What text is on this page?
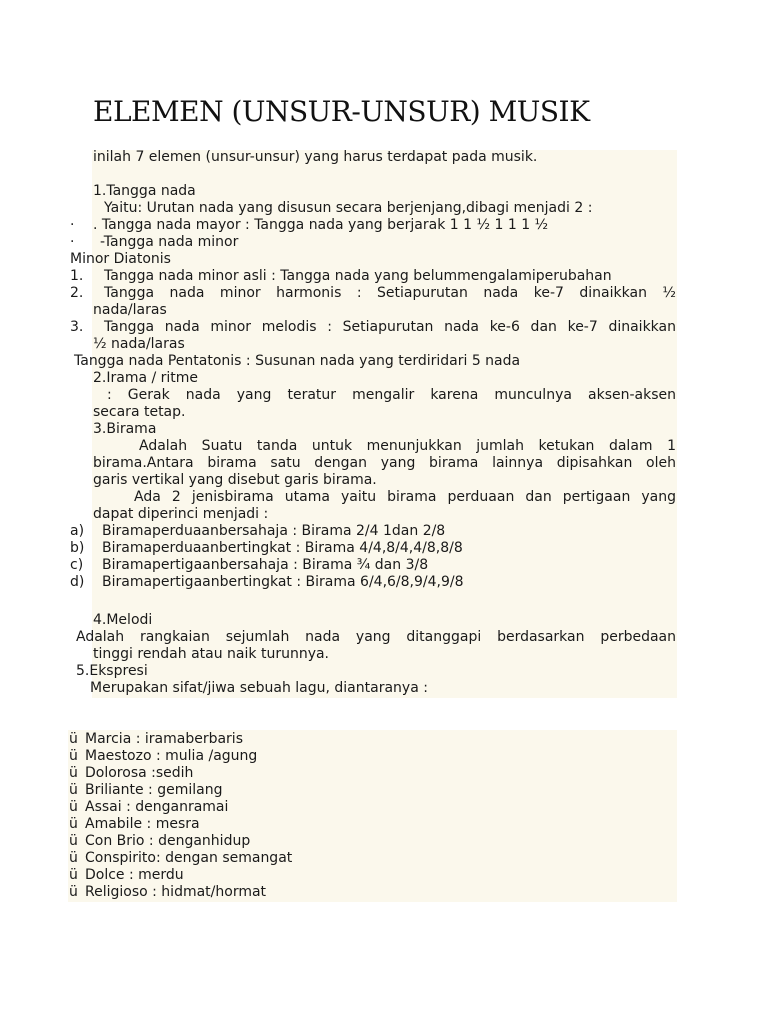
ELEMEN (UNSUR-UNSUR) MUSIK
inilah 7 elemen (unsur-unsur) yang harus terdapat pada musik.
1.Tangga nada
Yaitu: Urutan nada yang disusun secara berjenjang,dibagi menjadi 2 :
· . Tangga nada mayor : Tangga nada yang berjarak 1 1 ½ 1 1 1 ½
· -Tangga nada minor
Minor Diatonis
1. Tangga nada minor asli : Tangga nada yang belummengalamiperubahan
2. Tangga nada minor harmonis : Setiapurutan nada ke-7 dinaikkan ½
nada/laras
3. Tangga nada minor melodis : Setiapurutan nada ke-6 dan ke-7 dinaikkan
½ nada/laras
Tangga nada Pentatonis : Susunan nada yang terdiridari 5 nada
2.Irama / ritme
: Gerak nada yang teratur mengalir karena munculnya aksen-aksen
secara tetap.
3.Birama
Adalah Suatu tanda untuk menunjukkan jumlah ketukan dalam 1
birama.Antara birama satu dengan yang birama lainnya dipisahkan oleh
garis vertikal yang disebut garis birama.
Ada 2 jenisbirama utama yaitu birama perduaan dan pertigaan yang
dapat diperinci menjadi :
a) Biramaperduaanbersahaja : Birama 2/4 1dan 2/8
b) Biramaperduaanbertingkat : Birama 4/4,8/4,4/8,8/8
c) Biramapertigaanbersahaja : Birama ¾ dan 3/8
d) Biramapertigaanbertingkat : Birama 6/4,6/8,9/4,9/8
4.Melodi
Adalah rangkaian sejumlah nada yang ditanggapi berdasarkan perbedaan
tinggi rendah atau naik turunnya.
5.Ekspresi
Merupakan sifat/jiwa sebuah lagu, diantaranya :
ü Marcia : iramaberbaris
ü Maestozo : mulia /agung
ü Dolorosa :sedih
ü Briliante : gemilang
ü Assai : denganramai
ü Amabile : mesra
ü Con Brio : denganhidup
ü Conspirito: dengan semangat
ü Dolce : merdu
ü Religioso : hidmat/hormat
